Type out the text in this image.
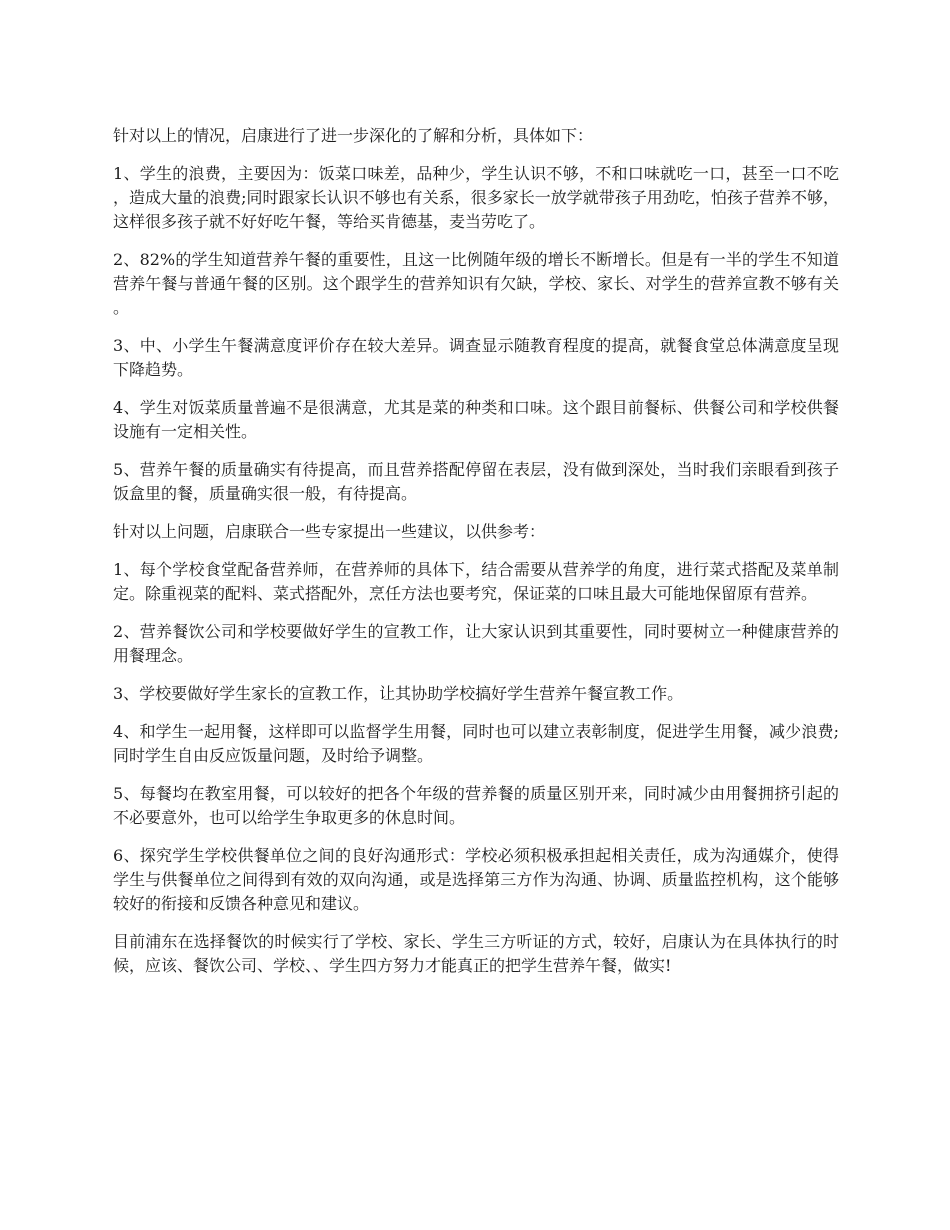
针对以上的情况，启康进行了进一步深化的了解和分析，具体如下：

1、学生的浪费，主要因为：饭菜口味差，品种少，学生认识不够，不和口味就吃一口，甚至一口不吃，造成大量的浪费;同时跟家长认识不够也有关系，很多家长一放学就带孩子用劲吃，怕孩子营养不够，这样很多孩子就不好好吃午餐，等给买肯德基，麦当劳吃了。

2、82%的学生知道营养午餐的重要性，且这一比例随年级的增长不断增长。但是有一半的学生不知道营养午餐与普通午餐的区别。这个跟学生的营养知识有欠缺，学校、家长、对学生的营养宣教不够有关。

3、中、小学生午餐满意度评价存在较大差异。调查显示随教育程度的提高，就餐食堂总体满意度呈现下降趋势。

4、学生对饭菜质量普遍不是很满意，尤其是菜的种类和口味。这个跟目前餐标、供餐公司和学校供餐设施有一定相关性。

5、营养午餐的质量确实有待提高，而且营养搭配停留在表层，没有做到深处，当时我们亲眼看到孩子饭盒里的餐，质量确实很一般，有待提高。

针对以上问题，启康联合一些专家提出一些建议，以供参考：

1、每个学校食堂配备营养师，在营养师的具体下，结合需要从营养学的角度，进行菜式搭配及菜单制定。除重视菜的配料、菜式搭配外，烹任方法也要考究，保证菜的口味且最大可能地保留原有营养。

2、营养餐饮公司和学校要做好学生的宣教工作，让大家认识到其重要性，同时要树立一种健康营养的用餐理念。

3、学校要做好学生家长的宣教工作，让其协助学校搞好学生营养午餐宣教工作。

4、和学生一起用餐，这样即可以监督学生用餐，同时也可以建立表彰制度，促进学生用餐，减少浪费;同时学生自由反应饭量问题，及时给予调整。

5、每餐均在教室用餐，可以较好的把各个年级的营养餐的质量区别开来，同时减少由用餐拥挤引起的不必要意外，也可以给学生争取更多的休息时间。

6、探究学生学校供餐单位之间的良好沟通形式：学校必须积极承担起相关责任，成为沟通媒介，使得学生与供餐单位之间得到有效的双向沟通，或是选择第三方作为沟通、协调、质量监控机构，这个能够较好的衔接和反馈各种意见和建议。

目前浦东在选择餐饮的时候实行了学校、家长、学生三方听证的方式，较好，启康认为在具体执行的时候，应该、餐饮公司、学校、、学生四方努力才能真正的把学生营养午餐，做实!
